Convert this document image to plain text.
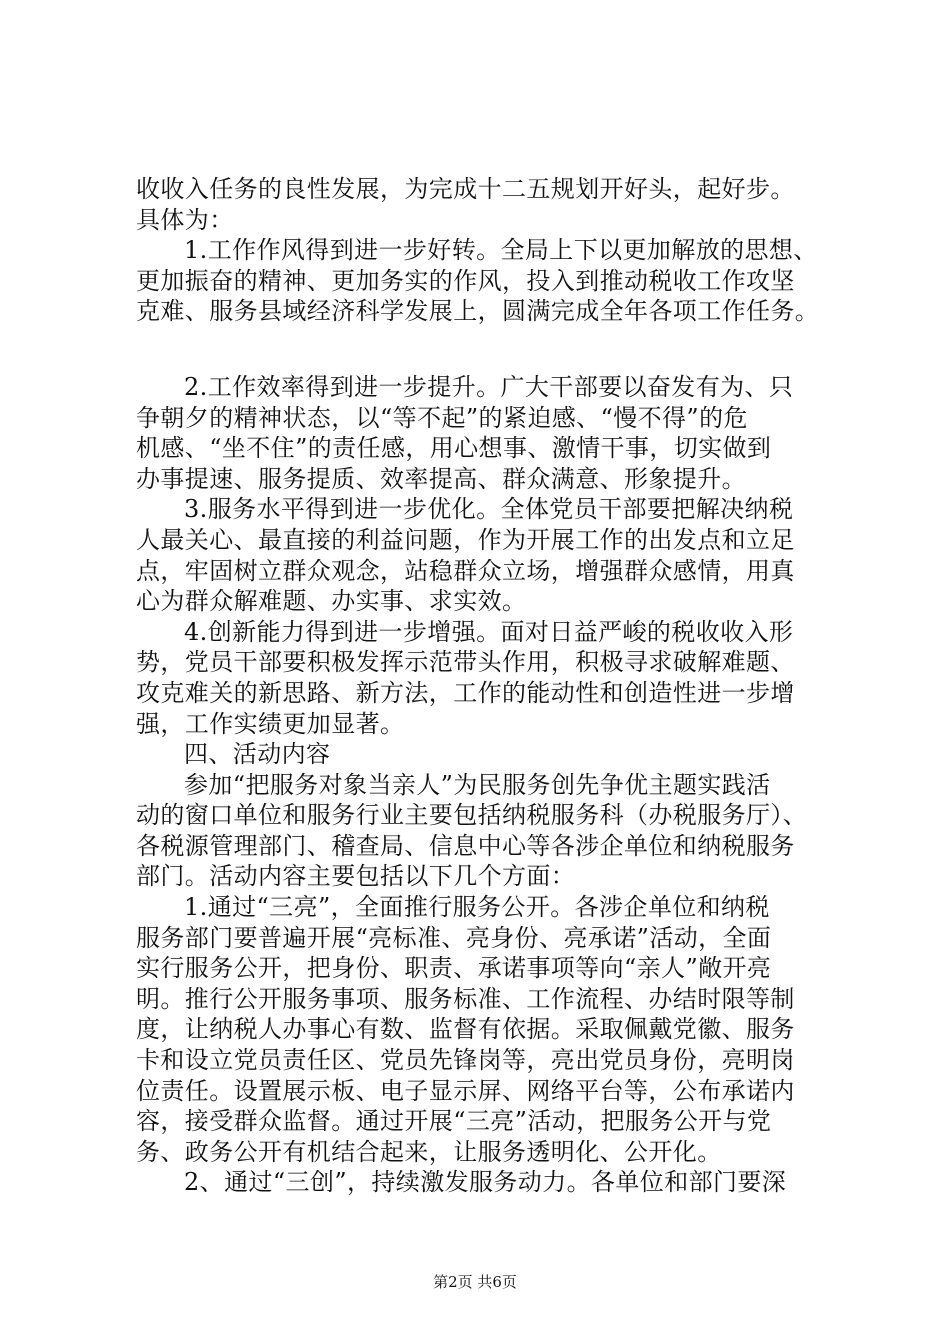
收收入任务的良性发展，为完成十二五规划开好头，起好步。
具体为：
1.工作作风得到进一步好转。全局上下以更加解放的思想、
更加振奋的精神、更加务实的作风，投入到推动税收工作攻坚
克难、服务县域经济科学发展上，圆满完成全年各项工作任务。
2.工作效率得到进一步提升。广大干部要以奋发有为、只
争朝夕的精神状态，以“等不起”的紧迫感、“慢不得”的危
机感、“坐不住”的责任感，用心想事、激情干事，切实做到
办事提速、服务提质、效率提高、群众满意、形象提升。
3.服务水平得到进一步优化。全体党员干部要把解决纳税
人最关心、最直接的利益问题，作为开展工作的出发点和立足
点，牢固树立群众观念，站稳群众立场，增强群众感情，用真
心为群众解难题、办实事、求实效。
4.创新能力得到进一步增强。面对日益严峻的税收收入形
势，党员干部要积极发挥示范带头作用，积极寻求破解难题、
攻克难关的新思路、新方法，工作的能动性和创造性进一步增
强，工作实绩更加显著。
四、活动内容
参加“把服务对象当亲人”为民服务创先争优主题实践活
动的窗口单位和服务行业主要包括纳税服务科（办税服务厅）、
各税源管理部门、稽查局、信息中心等各涉企单位和纳税服务
部门。活动内容主要包括以下几个方面：
1.通过“三亮”，全面推行服务公开。各涉企单位和纳税
服务部门要普遍开展“亮标准、亮身份、亮承诺”活动，全面
实行服务公开，把身份、职责、承诺事项等向“亲人”敞开亮
明。推行公开服务事项、服务标准、工作流程、办结时限等制
度，让纳税人办事心有数、监督有依据。采取佩戴党徽、服务
卡和设立党员责任区、党员先锋岗等，亮出党员身份，亮明岗
位责任。设置展示板、电子显示屏、网络平台等，公布承诺内
容，接受群众监督。通过开展“三亮”活动，把服务公开与党
务、政务公开有机结合起来，让服务透明化、公开化。
2、通过“三创”，持续激发服务动力。各单位和部门要深
第2页 共6页
